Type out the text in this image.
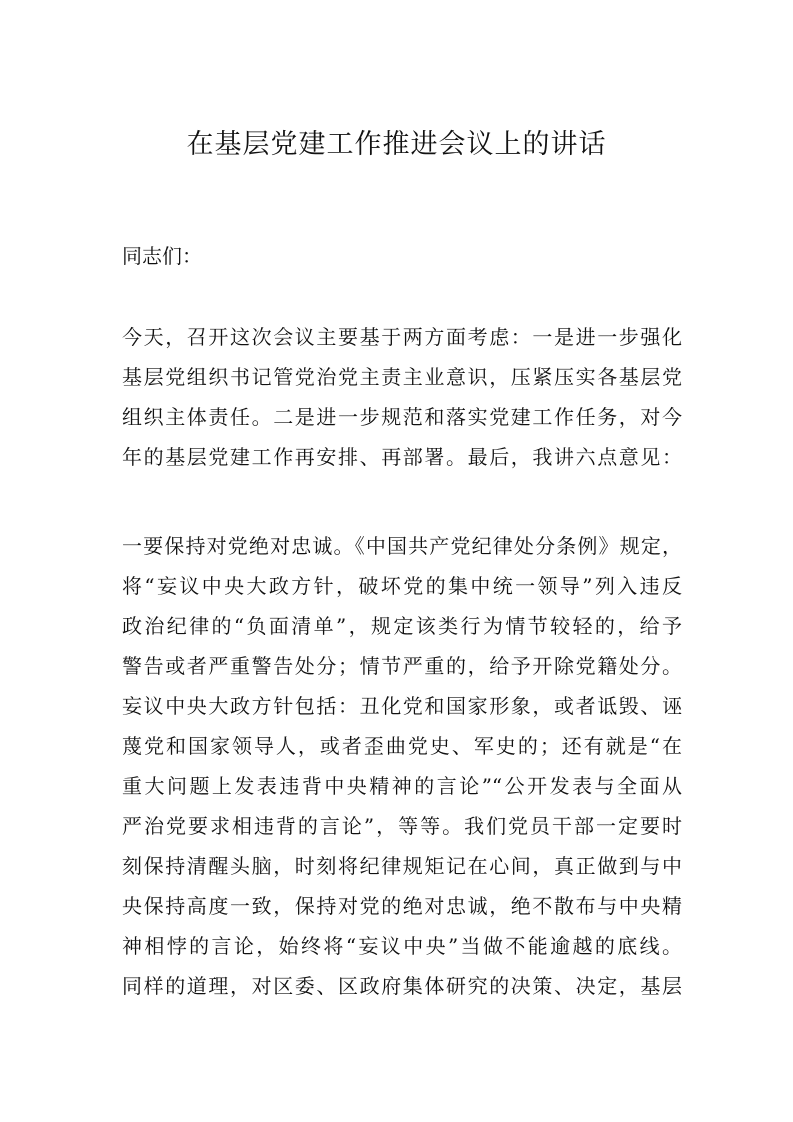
在基层党建工作推进会议上的讲话

同志们：

今天，召开这次会议主要基于两方面考虑：一是进一步强化

基层党组织书记管党治党主责主业意识，压紧压实各基层党

组织主体责任。二是进一步规范和落实党建工作任务，对今

年的基层党建工作再安排、再部署。最后，我讲六点意见：

一要保持对党绝对忠诚。《中国共产党纪律处分条例》规定，

将“妄议中央大政方针，破坏党的集中统一领导”列入违反

政治纪律的“负面清单”，规定该类行为情节较轻的，给予

警告或者严重警告处分；情节严重的，给予开除党籍处分。

妄议中央大政方针包括：丑化党和国家形象，或者诋毁、诬

蔑党和国家领导人，或者歪曲党史、军史的；还有就是“在

重大问题上发表违背中央精神的言论”“公开发表与全面从

严治党要求相违背的言论”，等等。我们党员干部一定要时

刻保持清醒头脑，时刻将纪律规矩记在心间，真正做到与中

央保持高度一致，保持对党的绝对忠诚，绝不散布与中央精

神相悖的言论，始终将“妄议中央”当做不能逾越的底线。

同样的道理，对区委、区政府集体研究的决策、决定，基层
